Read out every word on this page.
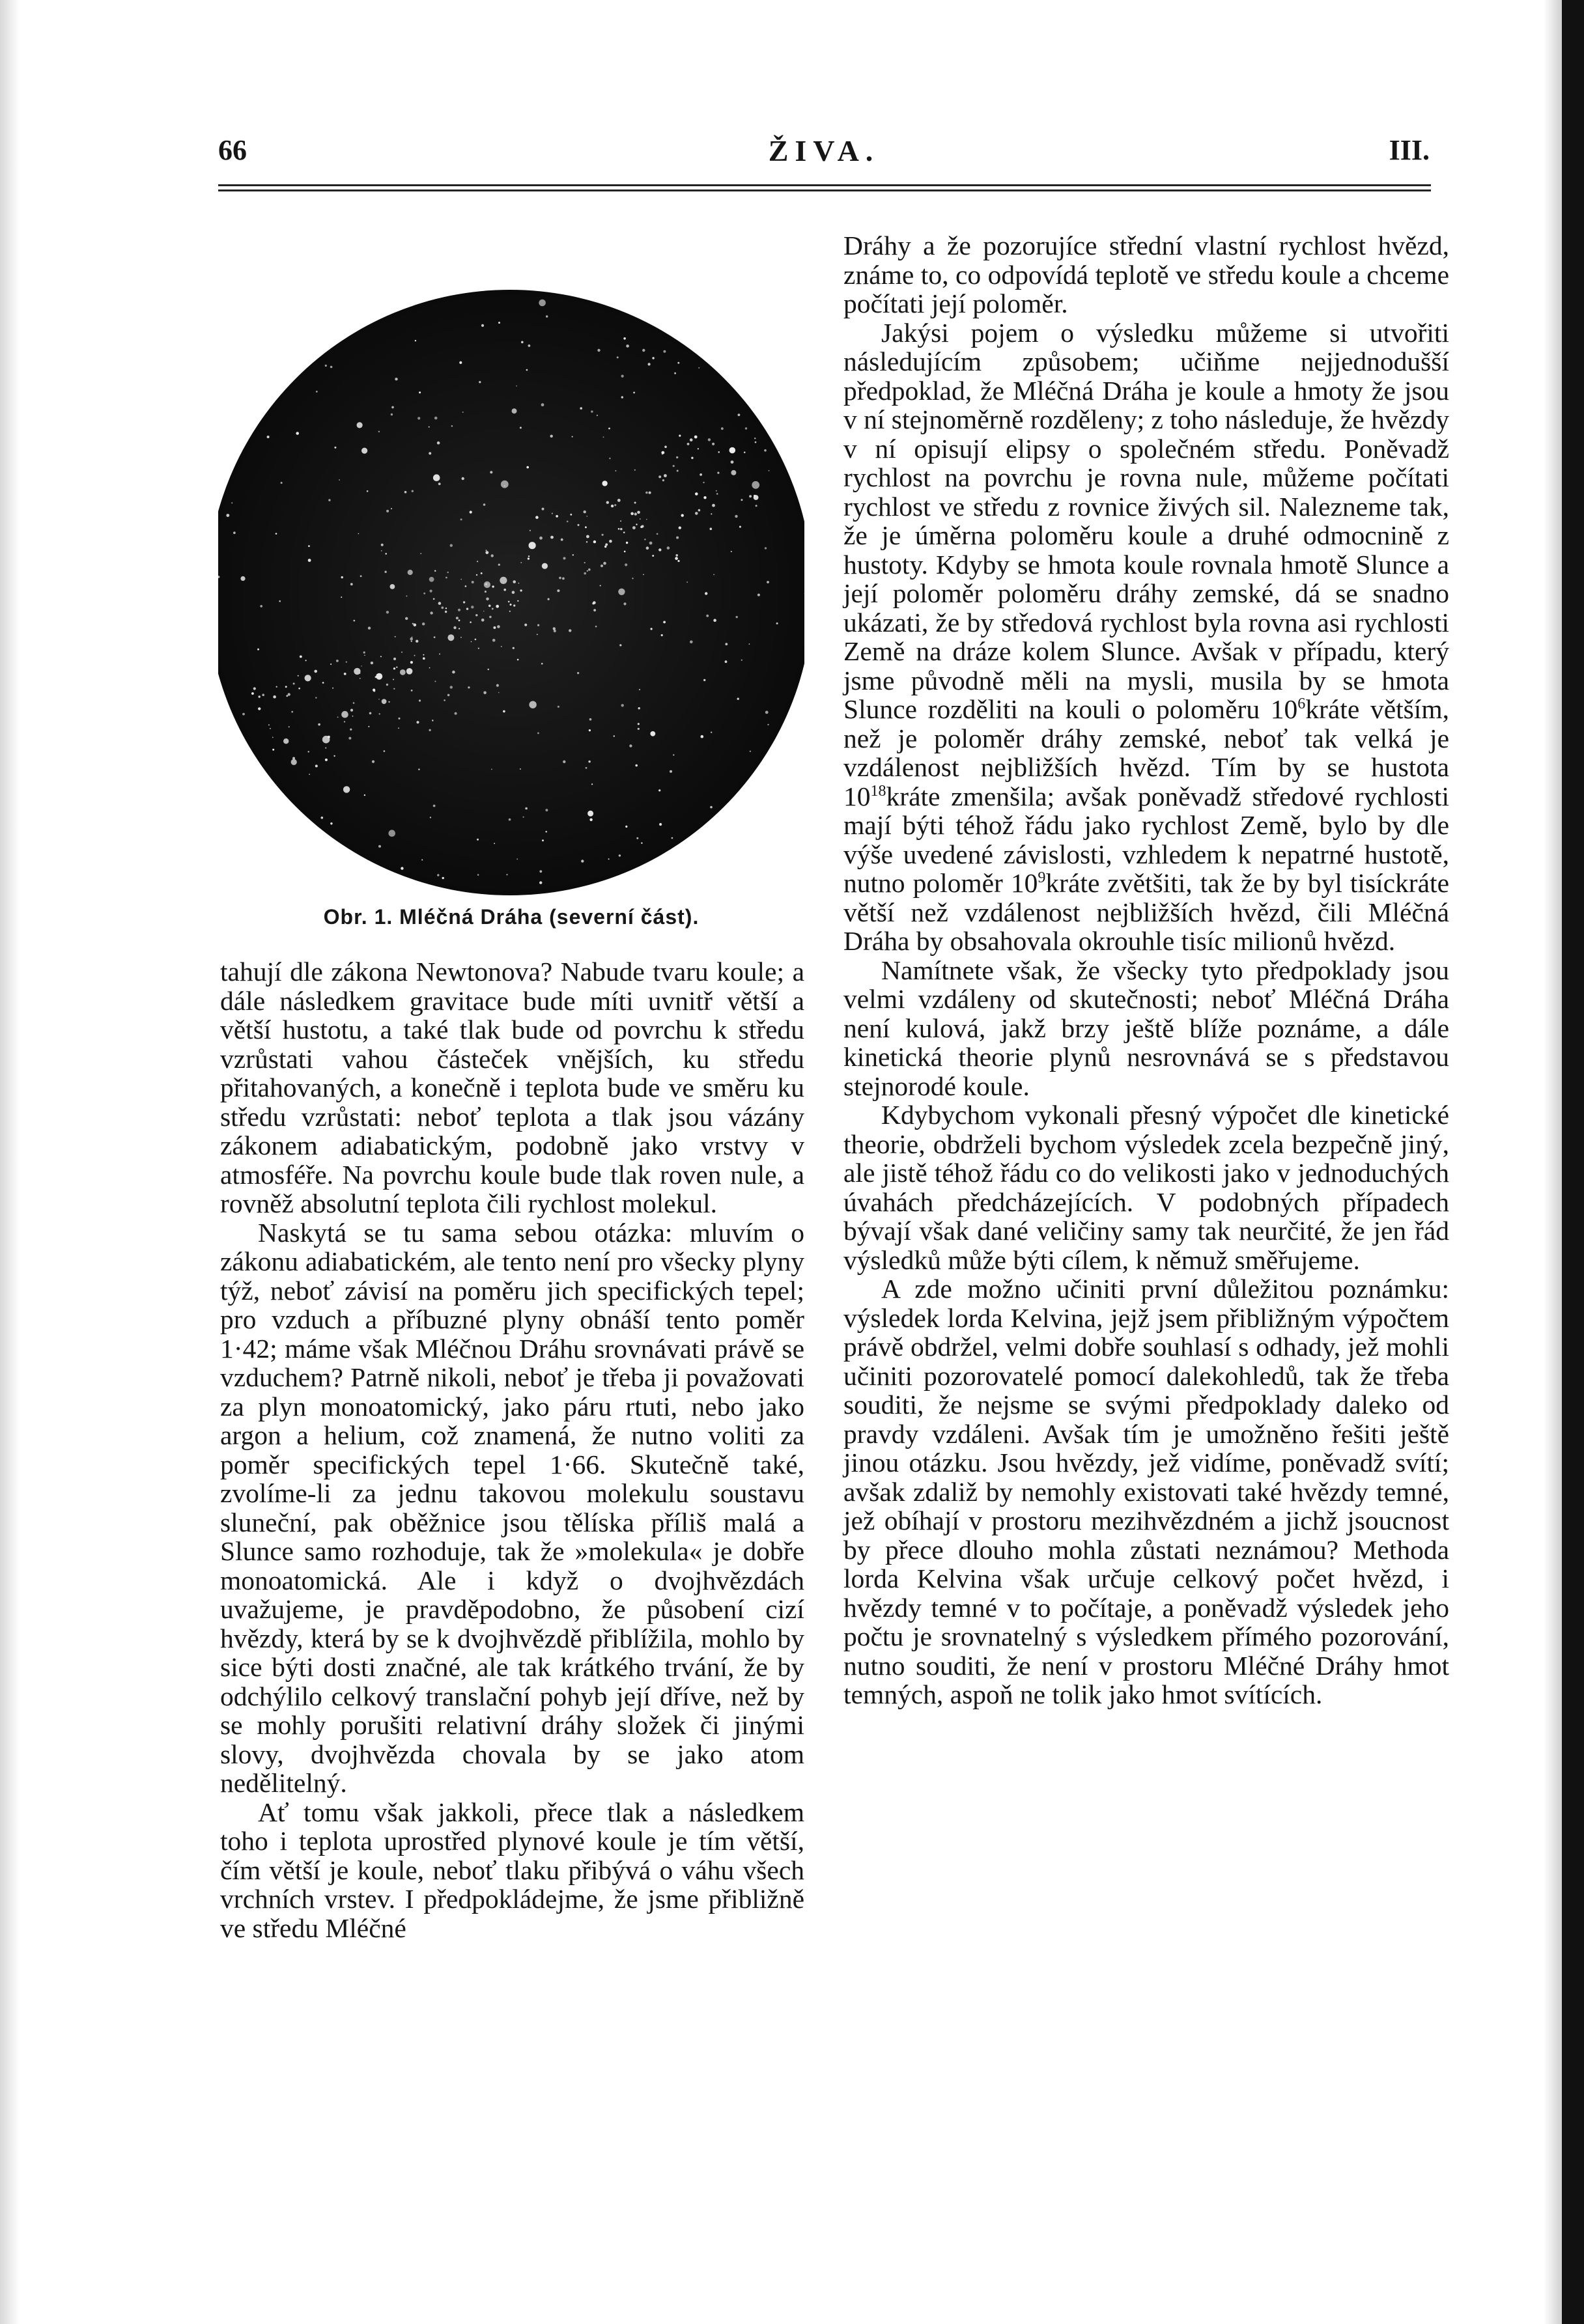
66	ŽIVA.	III.
Obr. 1. Mléčná Dráha (severní část).

tahují dle zákona Newtonova? Nabude tvaru koule; a dále následkem gravitace bude míti uvnitř větší a větší hustotu, a také tlak bude od povrchu k středu vzrůstati vahou částeček vnějších, ku středu přitahovaných, a konečně i teplota bude ve směru ku středu vzrůstati: neboť teplota a tlak jsou vázány zákonem adiabatickým, podobně jako vrstvy v atmosféře. Na povrchu koule bude tlak roven nule, a rovněž absolutní teplota čili rychlost molekul.

Naskytá se tu sama sebou otázka: mluvím o zákonu adiabatickém, ale tento není pro všecky plyny týž, neboť závisí na poměru jich specifických tepel; pro vzduch a příbuzné plyny obnáší tento poměr 1·42; máme však Mléčnou Dráhu srovnávati právě se vzduchem? Patrně nikoli, neboť je třeba ji považovati za plyn monoatomický, jako páru rtuti, nebo jako argon a helium, což znamená, že nutno voliti za poměr specifických tepel 1·66. Skutečně také, zvolíme-li za jednu takovou molekulu soustavu sluneční, pak oběžnice jsou tělíska příliš malá a Slunce samo rozhoduje, tak že »molekula« je dobře monoatomická. Ale i když o dvojhvězdách uvažujeme, je pravděpodobno, že působení cizí hvězdy, která by se k dvojhvězdě přiblížila, mohlo by sice býti dosti značné, ale tak krátkého trvání, že by odchýlilo celkový translační pohyb její dříve, než by se mohly porušiti relativní dráhy složek či jinými slovy, dvojhvězda chovala by se jako atom nedělitelný.

Ať tomu však jakkoli, přece tlak a následkem toho i teplota uprostřed plynové koule je tím větší, čím větší je koule, neboť tlaku přibývá o váhu všech vrchních vrstev. I předpokládejme, že jsme přibližně ve středu Mléčné

Dráhy a že pozorujíce střední vlastní rychlost hvězd, známe to, co odpovídá teplotě ve středu koule a chceme počítati její poloměr.

Jakýsi pojem o výsledku můžeme si utvořiti následujícím způsobem; učiňme nejjednodušší předpoklad, že Mléčná Dráha je koule a hmoty že jsou v ní stejnoměrně rozděleny; z toho následuje, že hvězdy v ní opisují elipsy o společném středu. Poněvadž rychlost na povrchu je rovna nule, můžeme počítati rychlost ve středu z rovnice živých sil. Nalezneme tak, že je úměrna poloměru koule a druhé odmocnině z hustoty. Kdyby se hmota koule rovnala hmotě Slunce a její poloměr poloměru dráhy zemské, dá se snadno ukázati, že by středová rychlost byla rovna asi rychlosti Země na dráze kolem Slunce. Avšak v případu, který jsme původně měli na mysli, musila by se hmota Slunce rozděliti na kouli o poloměru $10^6kráte$ větším, než je poloměr dráhy zemské, neboť tak velká je vzdálenost nejbližších hvězd. Tím by se hustota $10^{18}kráte$ zmenšila; avšak poněvadž středové rychlosti mají býti téhož řádu jako rychlost Země, bylo by dle výše uvedené závislosti, vzhledem k nepatrné hustotě, nutno poloměr $10^9kráte$ zvětšiti, tak že by byl tisíckráte větší než vzdálenost nejbližších hvězd, čili Mléčná Dráha by obsahovala okrouhle tisíc milionů hvězd.

Namítnete však, že všecky tyto předpoklady jsou velmi vzdáleny od skutečnosti; neboť Mléčná Dráha není kulová, jakž brzy ještě blíže poznáme, a dále kinetická theorie plynů nesrovnává se s představou stejnorodé koule.

Kdybychom vykonali přesný výpočet dle kinetické theorie, obdrželi bychom výsledek zcela bezpečně jiný, ale jistě téhož řádu co do velikosti jako v jednoduchých úvahách předcházejících. V podobných případech bývají však dané veličiny samy tak neurčité, že jen řád výsledků může býti cílem, k němuž směřujeme.

A zde možno učiniti první důležitou poznámku: výsledek lorda Kelvina, jejž jsem přibližným výpočtem právě obdržel, velmi dobře souhlasí s odhady, jež mohli učiniti pozorovatelé pomocí dalekohledů, tak že třeba souditi, že nejsme se svými předpoklady daleko od pravdy vzdáleni. Avšak tím je umožněno řešiti ještě jinou otázku. Jsou hvězdy, jež vidíme, poněvadž svítí; avšak zdaliž by nemohly existovati také hvězdy temné, jež obíhají v prostoru mezihvězdném a jichž jsoucnost by přece dlouho mohla zůstati neznámou? Methoda lorda Kelvina však určuje celkový počet hvězd, i hvězdy temné v to počítaje, a poněvadž výsledek jeho počtu je srovnatelný s výsledkem přímého pozorování, nutno souditi, že není v prostoru Mléčné Dráhy hmot temných, aspoň ne tolik jako hmot svítících.
